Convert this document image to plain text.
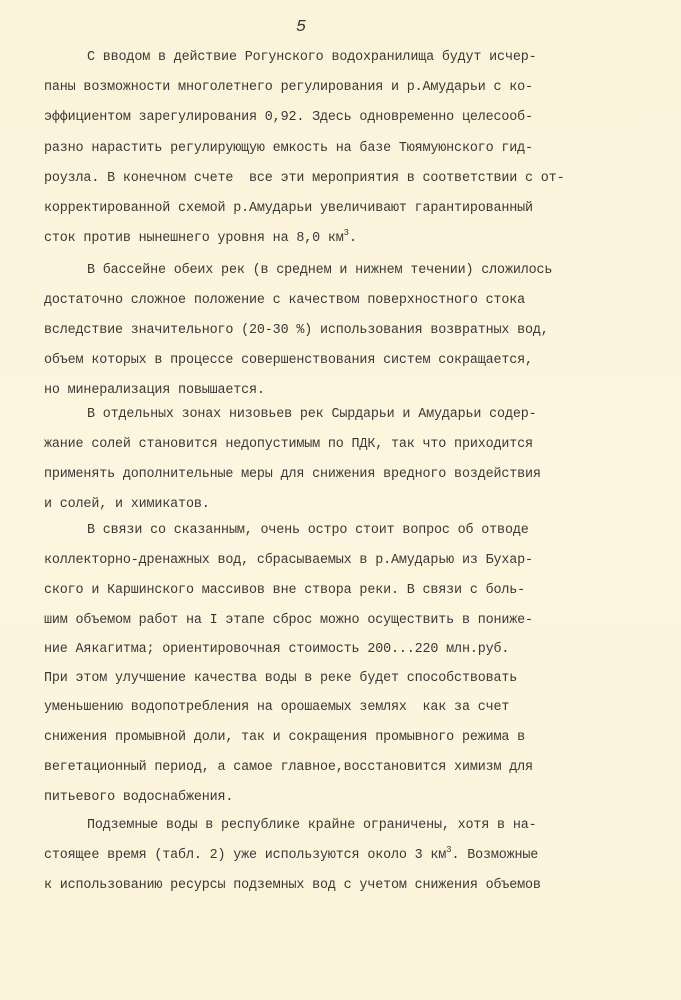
5
С вводом в действие Рогунского водохранилища будут исчер-
паны возможности многолетнего регулирования и р.Амударьи с ко-
эффициентом зарегулирования 0,92. Здесь одновременно целесооб-
разно нарастить регулирующую емкость на базе Тюямуюнского гид-
роузла. В конечном счете  все эти мероприятия в соответствии с от-
корректированной схемой р.Амударьи увеличивают гарантированный
сток против нынешнего уровня на 8,0 $км^3$.
В бассейне обеих рек (в среднем и нижнем течении) сложилось
достаточно сложное положение с качеством поверхностного стока
вследствие значительного (20-30 %) использования возвратных вод,
объем которых в процессе совершенствования систем сокращается,
но минерализация повышается.
В отдельных зонах низовьев рек Сырдарьи и Амударьи содер-
жание солей становится недопустимым по ПДК, так что приходится
применять дополнительные меры для снижения вредного воздействия
и солей, и химикатов.
В связи со сказанным, очень остро стоит вопрос об отводе
коллекторно-дренажных вод, сбрасываемых в р.Амударью из Бухар-
ского и Каршинского массивов вне створа реки. В связи с боль-
шим объемом работ на I этапе сброс можно осуществить в пониже-
ние Аякагитма; ориентировочная стоимость 200...220 млн.руб.
При этом улучшение качества воды в реке будет способствовать
уменьшению водопотребления на орошаемых землях  как за счет
снижения промывной доли, так и сокращения промывного режима в
вегетационный период, а самое главное,восстановится химизм для
питьевого водоснабжения.
Подземные воды в республике крайне ограничены, хотя в на-
стоящее время (табл. 2) уже используются около 3 $км^3$. Возможные
к использованию ресурсы подземных вод с учетом снижения объемов
